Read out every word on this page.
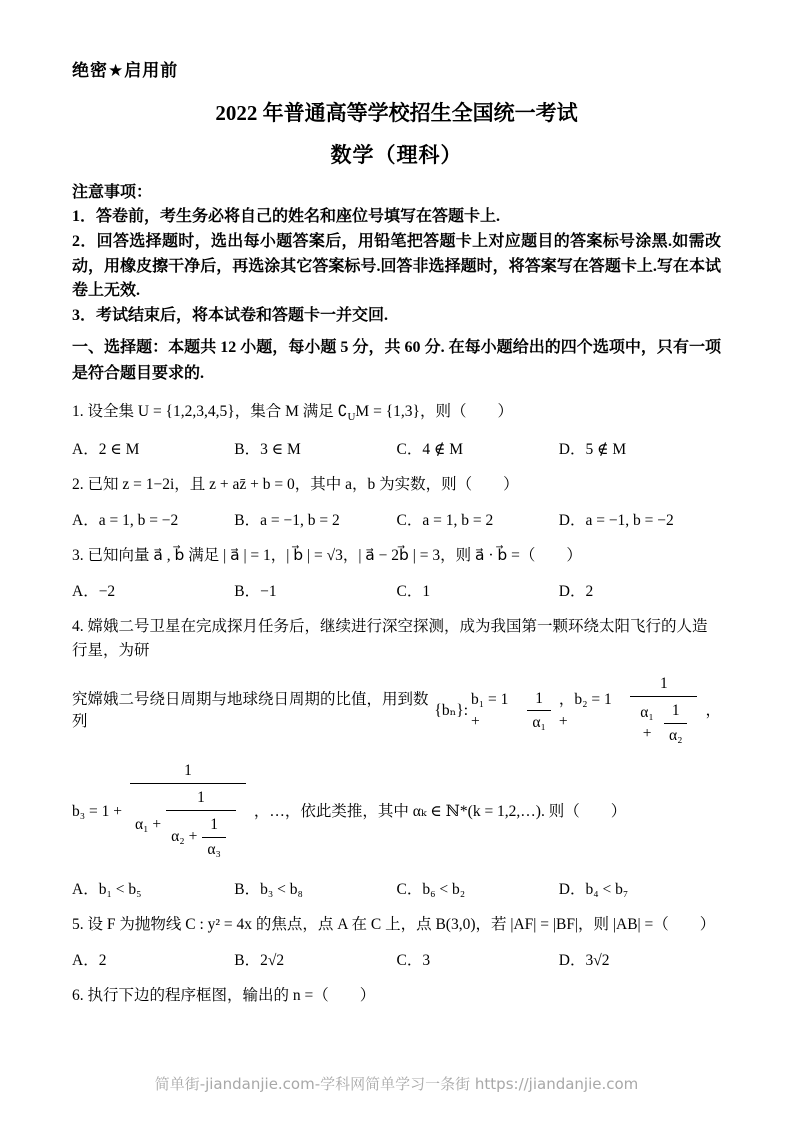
绝密★启用前
2022 年普通高等学校招生全国统一考试
数学（理科）

注意事项：

1．答卷前，考生务必将自己的姓名和座位号填写在答题卡上.

2．回答选择题时，选出每小题答案后，用铅笔把答题卡上对应题目的答案标号涂黑.如需改动，用橡皮擦干净后，再选涂其它答案标号.回答非选择题时，将答案写在答题卡上.写在本试卷上无效.

3．考试结束后，将本试卷和答题卡一并交回.

一、选择题：本题共 12 小题，每小题 5 分，共 60 分. 在每小题给出的四个选项中，只有一项是符合题目要求的.

1. 设全集 U = {1,2,3,4,5}，集合 M 满足 $∁_UM = \{1,3\}$，则（　　）

A．2 ∈ M	B．3 ∈ M	C．4 ∉ M	D．5 ∉ M

2. 已知 z = 1−2i，且 z + az̄ + b = 0，其中 a，b 为实数，则（　　）

A．a = 1, b = −2	B．a = −1, b = 2	C．a = 1, b = 2	D．a = −1, b = −2

3. 已知向量 a⃗ , b⃗ 满足 | a⃗ | = 1，| b⃗ | = √3，| a⃗ − 2b⃗ | = 3，则 a⃗ · b⃗ =（　　）

A．−2	B．−1	C．1	D．2

4. 嫦娥二号卫星在完成探月任务后，继续进行深空探测，成为我国第一颗环绕太阳飞行的人造行星，为研

究嫦娥二号绕日周期与地球绕日周期的比值，用到数列
{bₙ}:
b₁ = 1 +	$\frac{1}{\text{α₁}}$ ，b₂ = 1 +	$\frac{1}{\alpha_1 + \frac{1}{\text{α₂}}}$ ，
b₃ = 1 +
1
$\alpha_1 + \frac{1}{\alpha_2 + \frac{1}{\text{α₃}}}$ ，…，依此类推，其中 αₖ ∈ ℕ*(k = 1,2,…). 则（　　）
A．b₁ < b₅	B．b₃ < b₈	C．b₆ < b₂	D．b₄ < b₇

5. 设 F 为抛物线 C : y² = 4x 的焦点，点 A 在 C 上，点 B(3,0)，若 |AF| = |BF|，则 |AB| =（　　）

A．2	B．2√2	C．3	D．3√2

6. 执行下边的程序框图，输出的 n =（　　）

简单街-jiandanjie.com-学科网简单学习一条街 https://jiandanjie.com
